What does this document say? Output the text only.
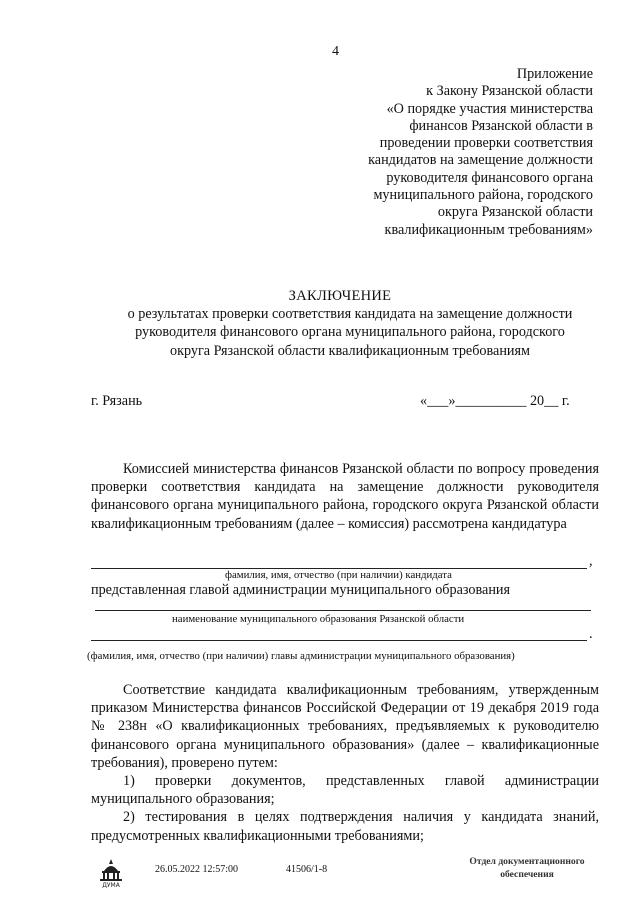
4
Приложение
к Закону Рязанской области
«О порядке участия министерства
финансов Рязанской области в
проведении проверки соответствия
кандидатов на замещение должности
руководителя финансового органа
муниципального района, городского
округа Рязанской области
квалификационным требованиям»
ЗАКЛЮЧЕНИЕ
о результатах проверки соответствия кандидата на замещение должности
руководителя финансового органа муниципального района, городского
округа Рязанской области квалификационным требованиям
г. Рязань	«___»__________ 20__ г.

Комиссией министерства финансов Рязанской области по вопросу проведения проверки соответствия кандидата на замещение должности руководителя финансового органа муниципального района, городского округа Рязанской области квалификационным требованиям (далее – комиссия) рассмотрена кандидатура

,
фамилия, имя, отчество (при наличии) кандидата
представленная главой администрации муниципального образования
наименование муниципального образования Рязанской области
.
(фамилия, имя, отчество (при наличии) главы администрации муниципального образования)

Соответствие кандидата квалификационным требованиям, утвержденным приказом Министерства финансов Российской Федерации от 19 декабря 2019 года № 238н «О квалификационных требованиях, предъявляемых к руководителю финансового органа муниципального образования» (далее – квалификационные требования), проверено путем:

1) проверки документов, представленных главой администрации муниципального образования;

2) тестирования в целях подтверждения наличия у кандидата знаний, предусмотренных квалификационными требованиями;

ДУМА
26.05.2022 12:57:00	41506/1-8
Отдел документационного
обеспечения
